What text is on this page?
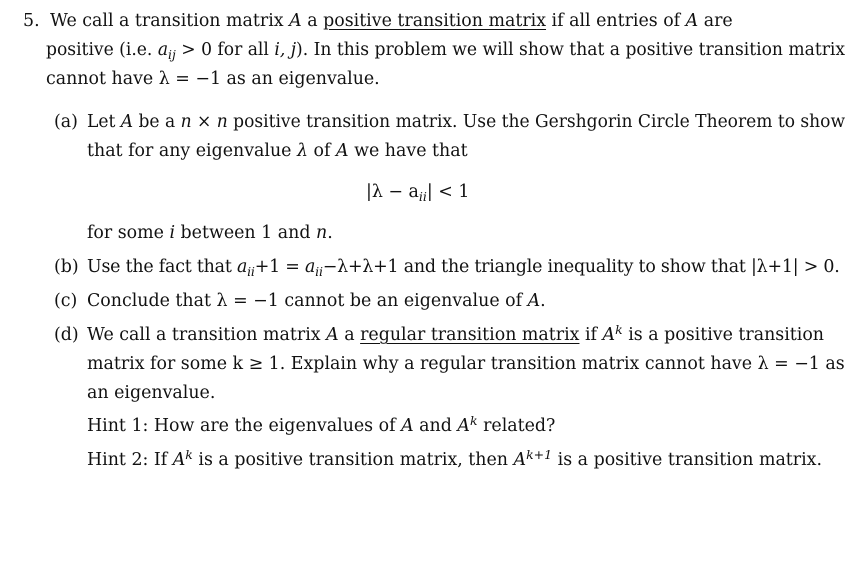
5. We call a transition matrix A a positive transition matrix if all entries of A are
positive (i.e. $a_{ij} > 0$ for all i, j). In this problem we will show that a positive transition matrix
cannot have λ = −1 as an eigenvalue.
(a) Let A be a n × n positive transition matrix. Use the Gershgorin Circle Theorem to show
that for any eigenvalue λ of A we have that
$|\lambda - a_{ii}| < 1$
for some i between 1 and n.
(b) Use the fact that $a_{ii}+1 = a_{ii}-\lambda+\lambda+1$ and the triangle inequality to show that |λ+1| > 0.
(c) Conclude that λ = −1 cannot be an eigenvalue of A.
(d) We call a transition matrix A a regular transition matrix if $A^k$ is a positive transition
matrix for some k ≥ 1. Explain why a regular transition matrix cannot have λ = −1 as
an eigenvalue.
Hint 1: How are the eigenvalues of A and $A^k$ related?
Hint 2: If $A^k$ is a positive transition matrix, then $A^{k+1}$ is a positive transition matrix.
